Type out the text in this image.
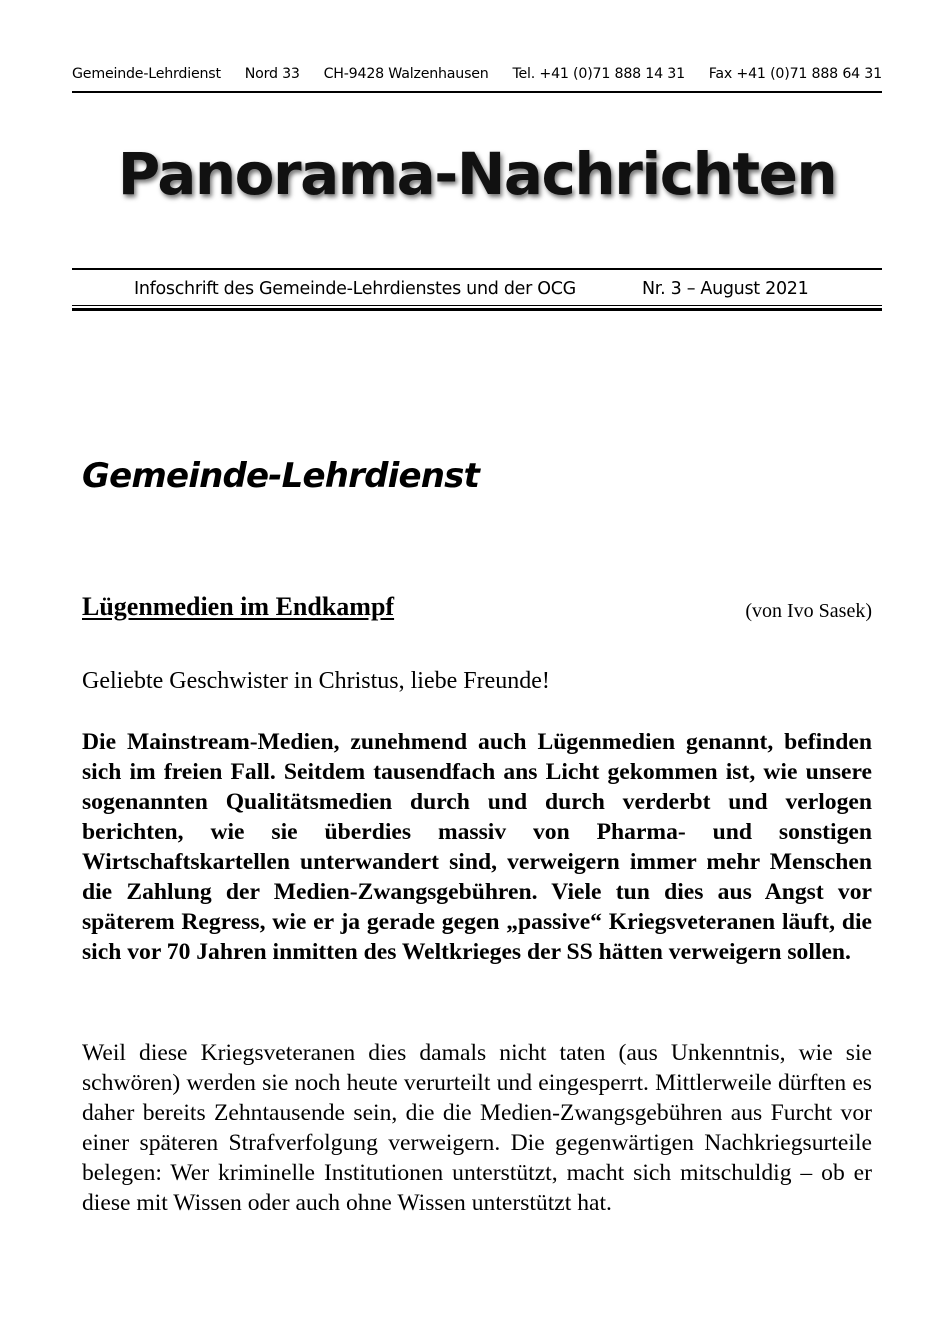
Gemeinde-Lehrdienst Nord 33 CH-9428 Walzenhausen Tel. +41 (0)71 888 14 31 Fax +41 (0)71 888 64 31
Panorama-Nachrichten
Infoschrift des Gemeinde-Lehrdienstes und der OCG	Nr. 3 – August 2021
Gemeinde-Lehrdienst
Lügenmedien im Endkampf	(von Ivo Sasek)
Geliebte Geschwister in Christus, liebe Freunde!
Die Mainstream-Medien, zunehmend auch Lügenmedien genannt, befinden sich im freien Fall. Seitdem tausendfach ans Licht gekommen ist, wie unsere sogenannten Qualitätsmedien durch und durch verderbt und verlogen berichten, wie sie überdies massiv von Pharma- und sonstigen Wirtschaftskartellen unterwandert sind, verweigern immer mehr Menschen die Zahlung der Medien-Zwangsgebühren. Viele tun dies aus Angst vor späterem Regress, wie er ja gerade gegen „passive“ Kriegsveteranen läuft, die sich vor 70 Jahren inmitten des Weltkrieges der SS hätten verweigern sollen.
Weil diese Kriegsveteranen dies damals nicht taten (aus Unkenntnis, wie sie schwören) werden sie noch heute verurteilt und eingesperrt. Mittlerweile dürften es daher bereits Zehntausende sein, die die Medien-Zwangsgebühren aus Furcht vor einer späteren Strafverfolgung verweigern. Die gegenwärtigen Nachkriegsurteile belegen: Wer kriminelle Institutionen unterstützt, macht sich mitschuldig – ob er diese mit Wissen oder auch ohne Wissen unterstützt hat.
